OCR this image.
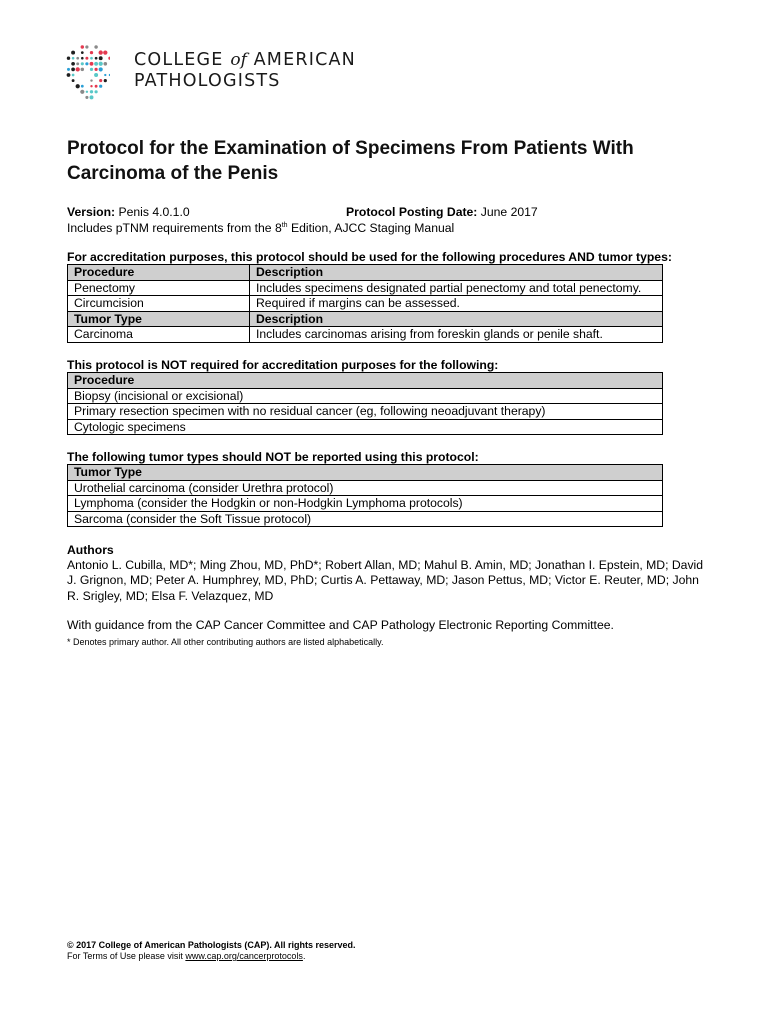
COLLEGE of AMERICAN
PATHOLOGISTS
Protocol for the Examination of Specimens From Patients With Carcinoma of the Penis
Version: Penis 4.0.1.0	Protocol Posting Date: June 2017
Includes pTNM requirements from the 8th Edition, AJCC Staging Manual
For accreditation purposes, this protocol should be used for the following procedures AND tumor types:
Procedure	Description
Penectomy	Includes specimens designated partial penectomy and total penectomy.
Circumcision	Required if margins can be assessed.
Tumor Type	Description
Carcinoma	Includes carcinomas arising from foreskin glands or penile shaft.
This protocol is NOT required for accreditation purposes for the following:
Procedure
Biopsy (incisional or excisional)
Primary resection specimen with no residual cancer (eg, following neoadjuvant therapy)
Cytologic specimens
The following tumor types should NOT be reported using this protocol:
Tumor Type
Urothelial carcinoma (consider Urethra protocol)
Lymphoma (consider the Hodgkin or non-Hodgkin Lymphoma protocols)
Sarcoma (consider the Soft Tissue protocol)
Authors
Antonio L. Cubilla, MD*; Ming Zhou, MD, PhD*; Robert Allan, MD; Mahul B. Amin, MD; Jonathan I. Epstein, MD; David J. Grignon, MD; Peter A. Humphrey, MD, PhD; Curtis A. Pettaway, MD; Jason Pettus, MD; Victor E. Reuter, MD; John R. Srigley, MD; Elsa F. Velazquez, MD
With guidance from the CAP Cancer Committee and CAP Pathology Electronic Reporting Committee.
* Denotes primary author. All other contributing authors are listed alphabetically.
© 2017 College of American Pathologists (CAP). All rights reserved.
For Terms of Use please visit www.cap.org/cancerprotocols.
